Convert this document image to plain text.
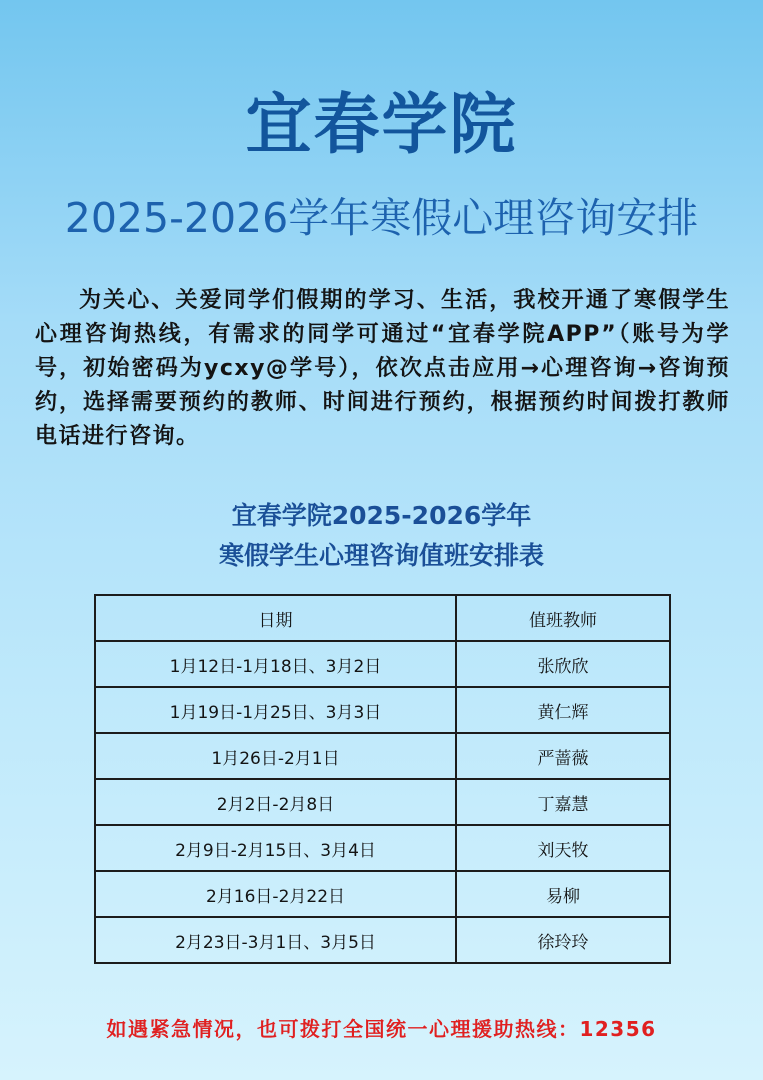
宜春学院
2025-2026学年寒假心理咨询安排

为关心、关爱同学们假期的学习、生活，我校开通了寒假学生心理咨询热线，有需求的同学可通过“宜春学院APP”（账号为学号，初始密码为ycxy@学号），依次点击应用→心理咨询→咨询预约，选择需要预约的教师、时间进行预约，根据预约时间拨打教师电话进行咨询。

宜春学院2025-2026学年
寒假学生心理咨询值班安排表
日期	值班教师
1月12日-1月18日、3月2日	张欣欣
1月19日-1月25日、3月3日	黄仁辉
1月26日-2月1日	严蔷薇
2月2日-2月8日	丁嘉慧
2月9日-2月15日、3月4日	刘天牧
2月16日-2月22日	易柳
2月23日-3月1日、3月5日	徐玲玲
如遇紧急情况，也可拨打全国统一心理援助热线：12356
